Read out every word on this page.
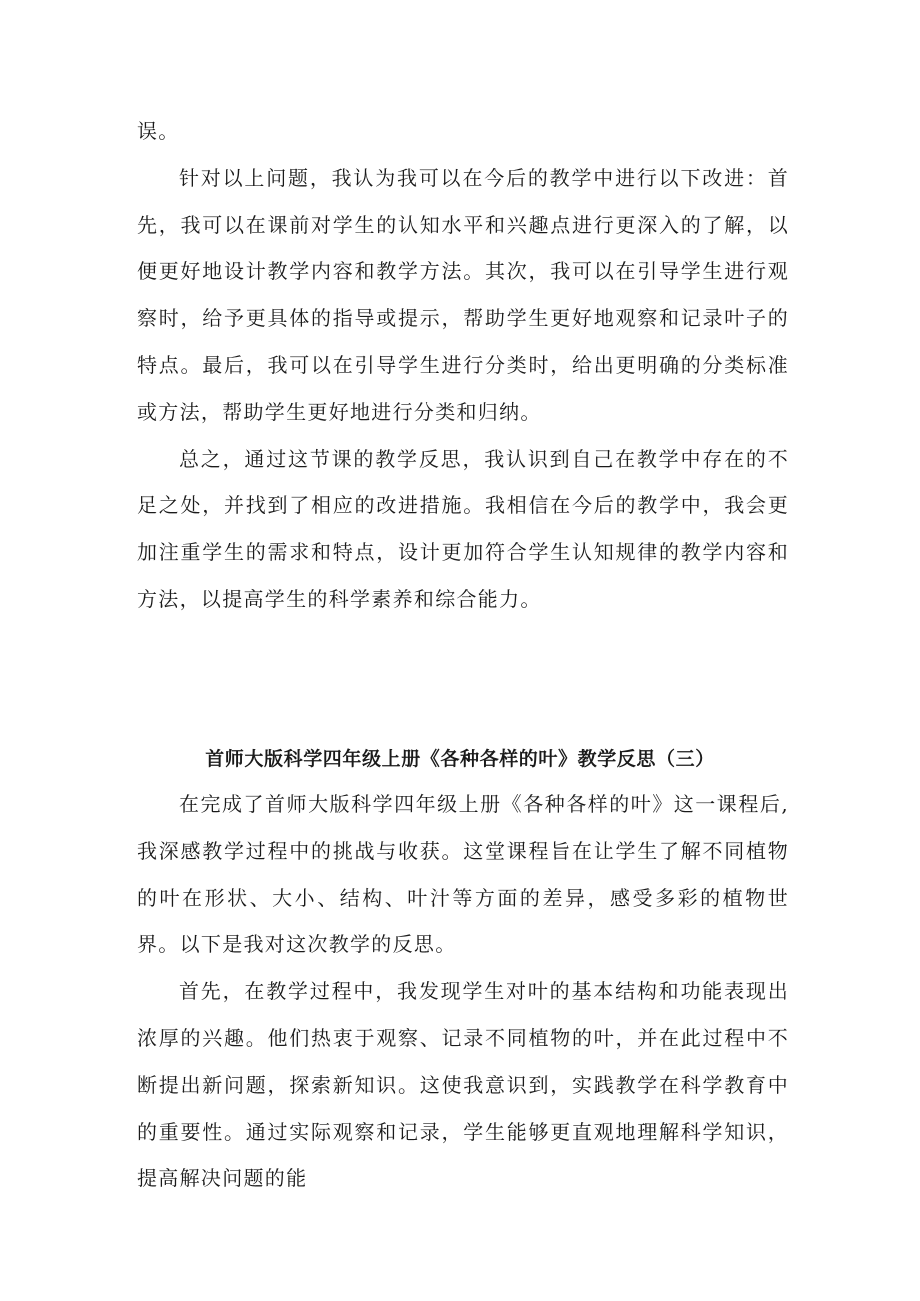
误。

针对以上问题，我认为我可以在今后的教学中进行以下改进：首先，我可以在课前对学生的认知水平和兴趣点进行更深入的了解，以便更好地设计教学内容和教学方法。其次，我可以在引导学生进行观察时，给予更具体的指导或提示，帮助学生更好地观察和记录叶子的特点。最后，我可以在引导学生进行分类时，给出更明确的分类标准或方法，帮助学生更好地进行分类和归纳。

总之，通过这节课的教学反思，我认识到自己在教学中存在的不足之处，并找到了相应的改进措施。我相信在今后的教学中，我会更加注重学生的需求和特点，设计更加符合学生认知规律的教学内容和方法，以提高学生的科学素养和综合能力。

首师大版科学四年级上册《各种各样的叶》教学反思（三）

在完成了首师大版科学四年级上册《各种各样的叶》这一课程后,我深感教学过程中的挑战与收获。这堂课程旨在让学生了解不同植物的叶在形状、大小、结构、叶汁等方面的差异，感受多彩的植物世界。以下是我对这次教学的反思。

首先，在教学过程中，我发现学生对叶的基本结构和功能表现出浓厚的兴趣。他们热衷于观察、记录不同植物的叶，并在此过程中不断提出新问题，探索新知识。这使我意识到，实践教学在科学教育中的重要性。通过实际观察和记录，学生能够更直观地理解科学知识，提高解决问题的能
